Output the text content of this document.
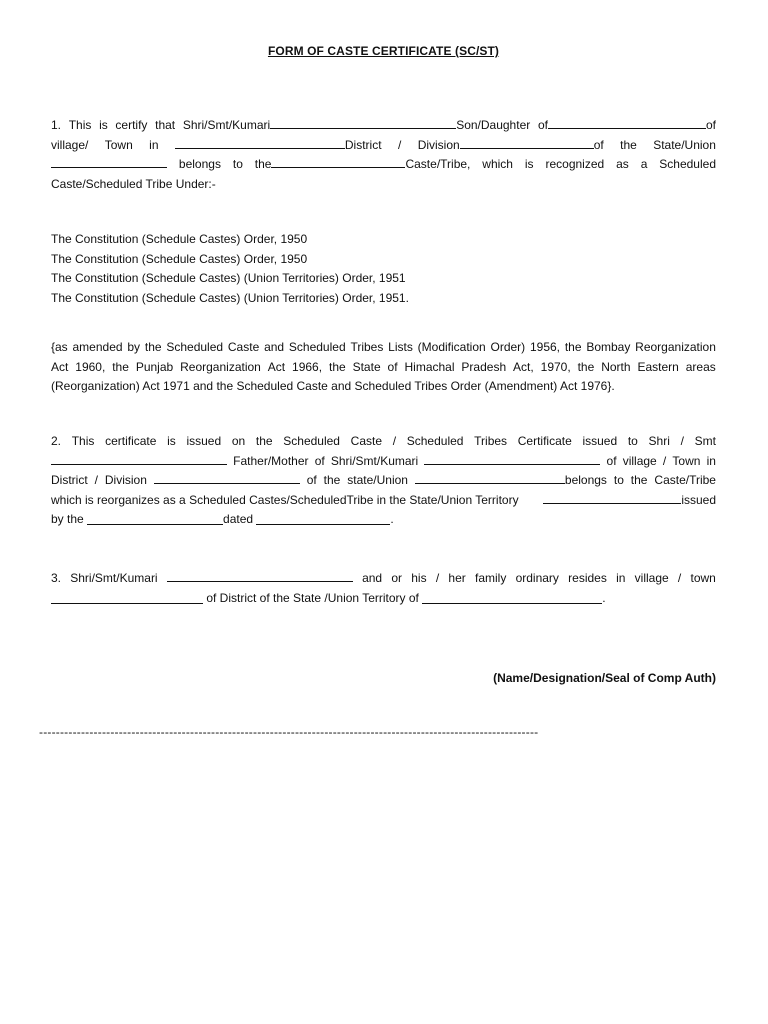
FORM OF CASTE CERTIFICATE (SC/ST)
1. This is certify that Shri/Smt/Kumari	Son/Daughter of	of
village/ Town in	District / Division	of the State/Union
belongs to the	Caste/Tribe, which is recognized as a Scheduled
Caste/Scheduled Tribe Under:-
The Constitution (Schedule Castes) Order, 1950
The Constitution (Schedule Castes) Order, 1950
The Constitution (Schedule Castes) (Union Territories) Order, 1951
The Constitution (Schedule Castes) (Union Territories) Order, 1951.
{as amended by the Scheduled Caste and Scheduled Tribes Lists (Modification Order) 1956, the Bombay Reorganization
Act 1960, the Punjab Reorganization Act 1966, the State of Himachal Pradesh Act, 1970, the North Eastern areas
(Reorganization) Act 1971 and the Scheduled Caste and Scheduled Tribes Order (Amendment) Act 1976}.
2. This certificate is issued on the Scheduled Caste / Scheduled Tribes Certificate issued to Shri / Smt
Father/Mother of Shri/Smt/Kumari	of village / Town in
District / Division	of the state/Union	belongs to the Caste/Tribe
which is reorganizes as a Scheduled Castes/ScheduledTribe in the State/Union Territory	issued
by the	dated	.
3. Shri/Smt/Kumari	and or his / her family ordinary resides in village / town
of District of the State /Union Territory of	.
(Name/Designation/Seal of Comp Auth)
-----------------------------------------------------------------------------------------------------------------------
